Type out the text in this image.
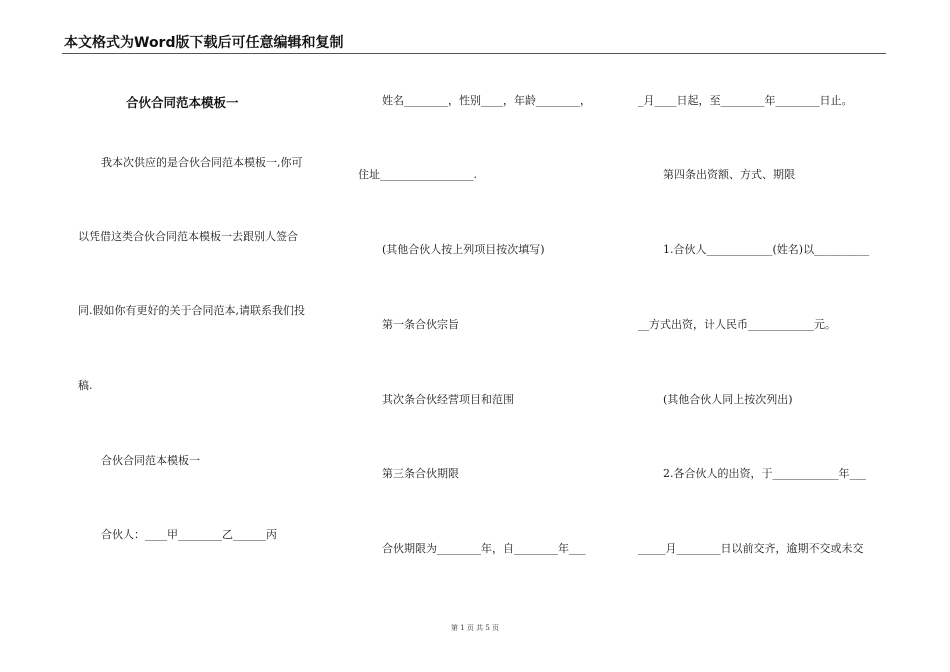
本文格式为Word版下载后可任意编辑和复制
合伙合同范本模板一
我本次供应的是合伙合同范本模板一,你可
以凭借这类合伙合同范本模板一去跟别人签合
同.假如你有更好的关于合同范本,请联系我们投
稿.
合伙合同范本模板一
合伙人：____甲________乙______丙
姓名________，性别____，年龄________，
住址_________________.
(其他合伙人按上列项目按次填写)
第一条合伙宗旨
其次条合伙经营项目和范围
第三条合伙期限
合伙期限为________年，自________年___
_月____日起，至________年________日止。
第四条出资额、方式、期限
1.合伙人____________(姓名)以__________
__方式出资，计人民币____________元。
(其他合伙人同上按次列出)
2.各合伙人的出资，于____________年___
_____月________日以前交齐，逾期不交或未交
第 1 页 共 5 页
